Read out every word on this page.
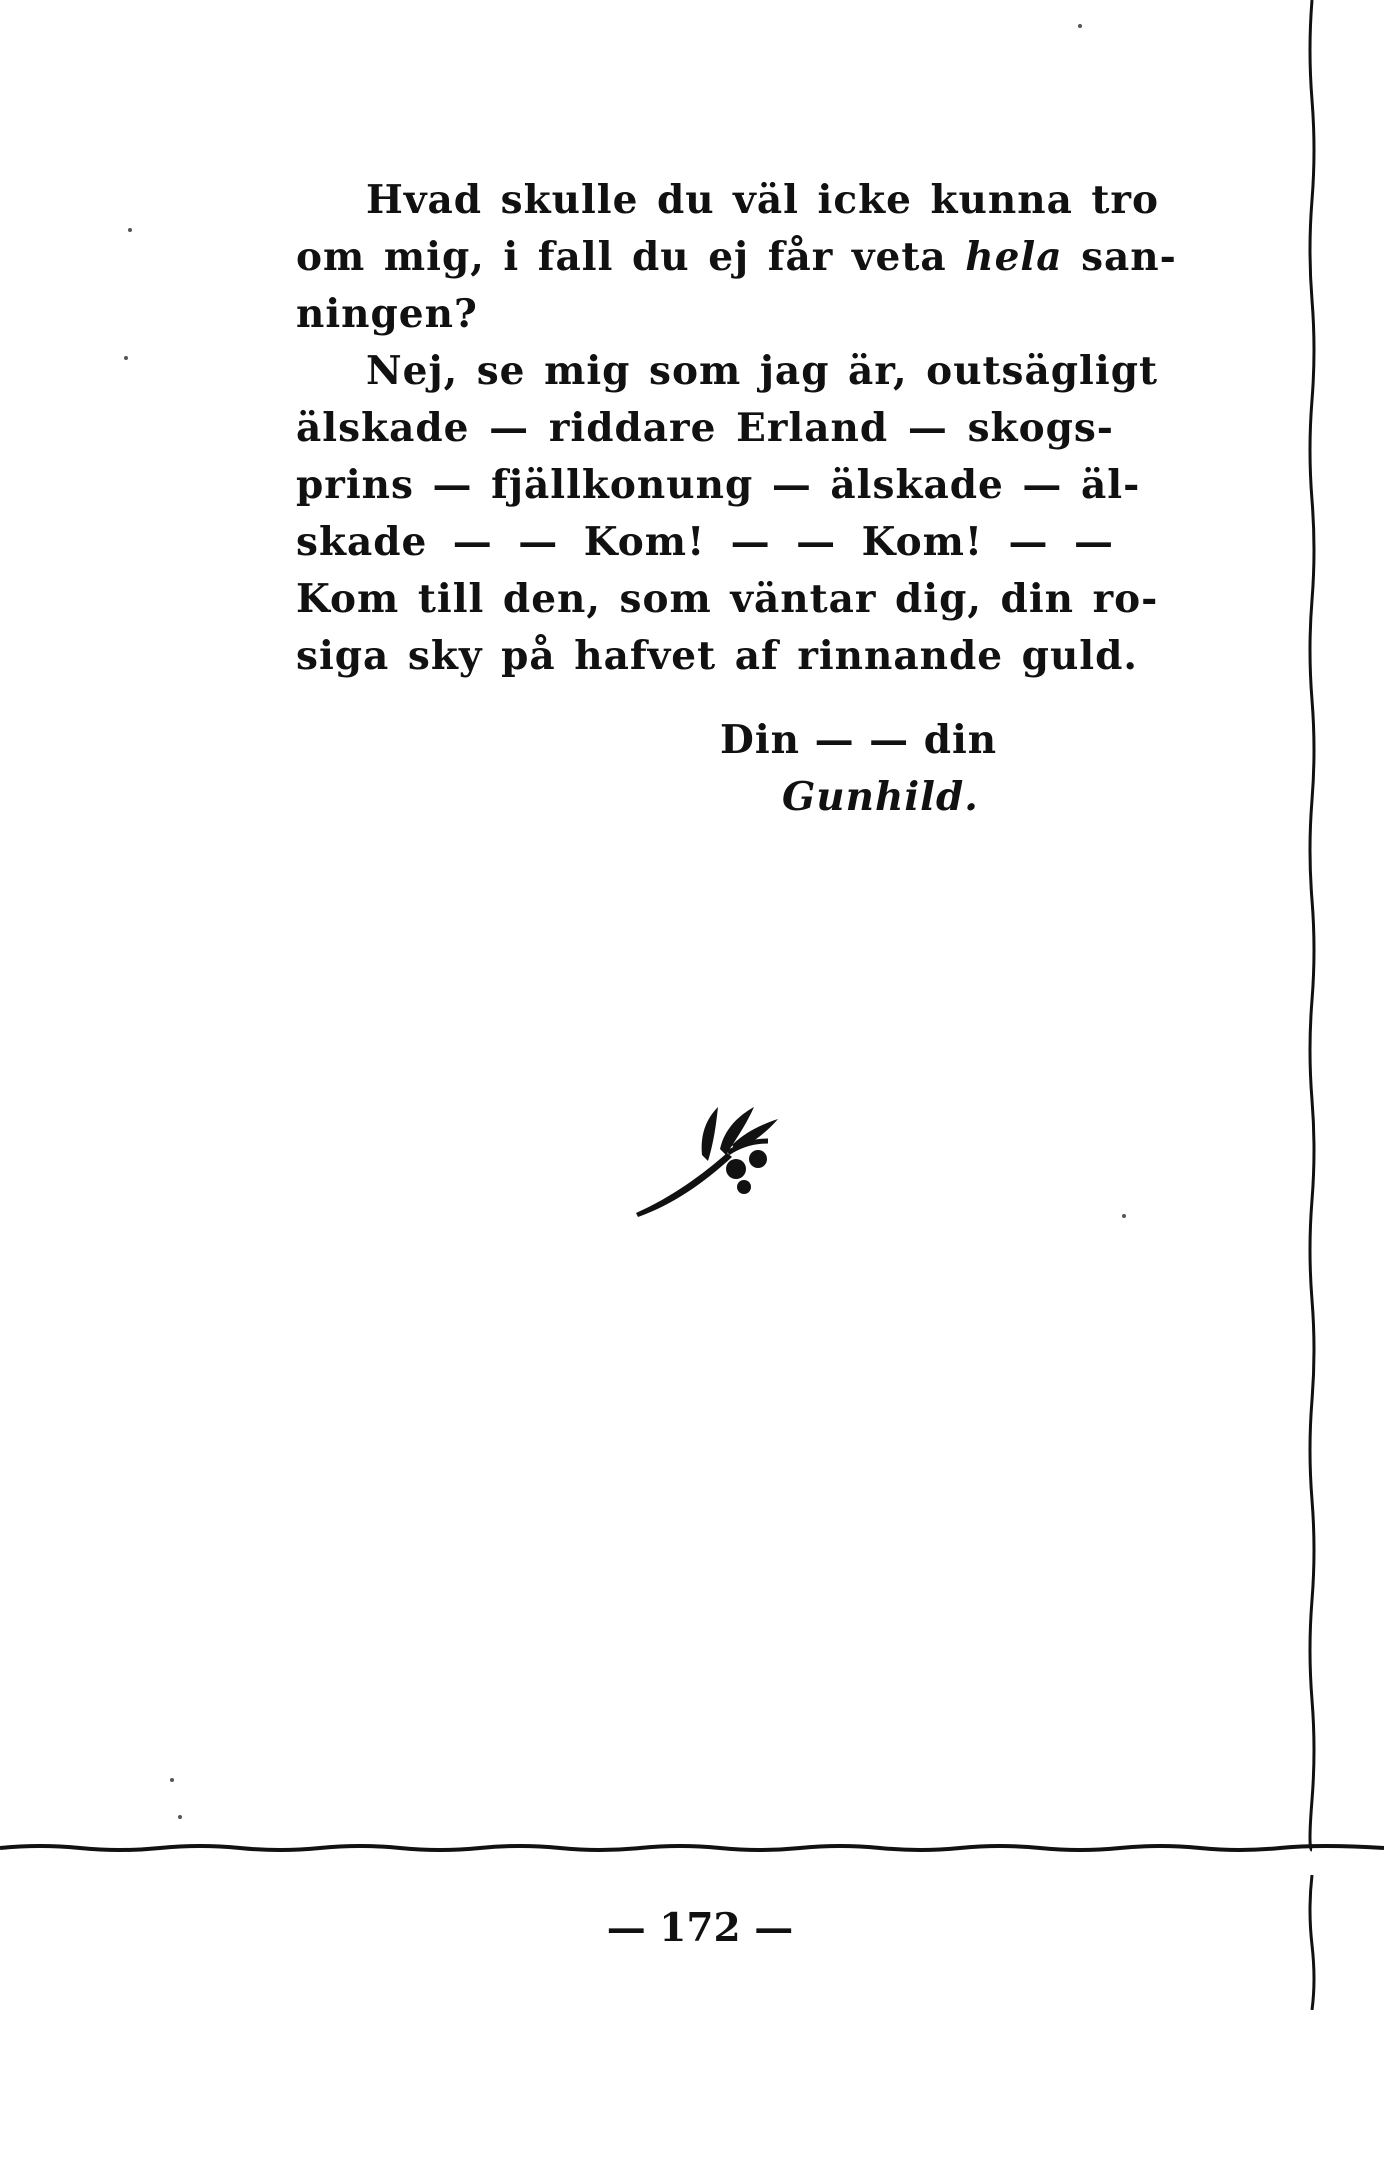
Hvad skulle du väl icke kunna tro
om mig, i fall du ej får veta hela san-
ningen?
Nej, se mig som jag är, outsägligt
älskade — riddare Erland — skogs-
prins — fjällkonung — älskade — äl-
skade — — Kom! — — Kom! — —
Kom till den, som väntar dig, din ro-
siga sky på hafvet af rinnande guld.
Din — — din
Gunhild.
— 172 —
